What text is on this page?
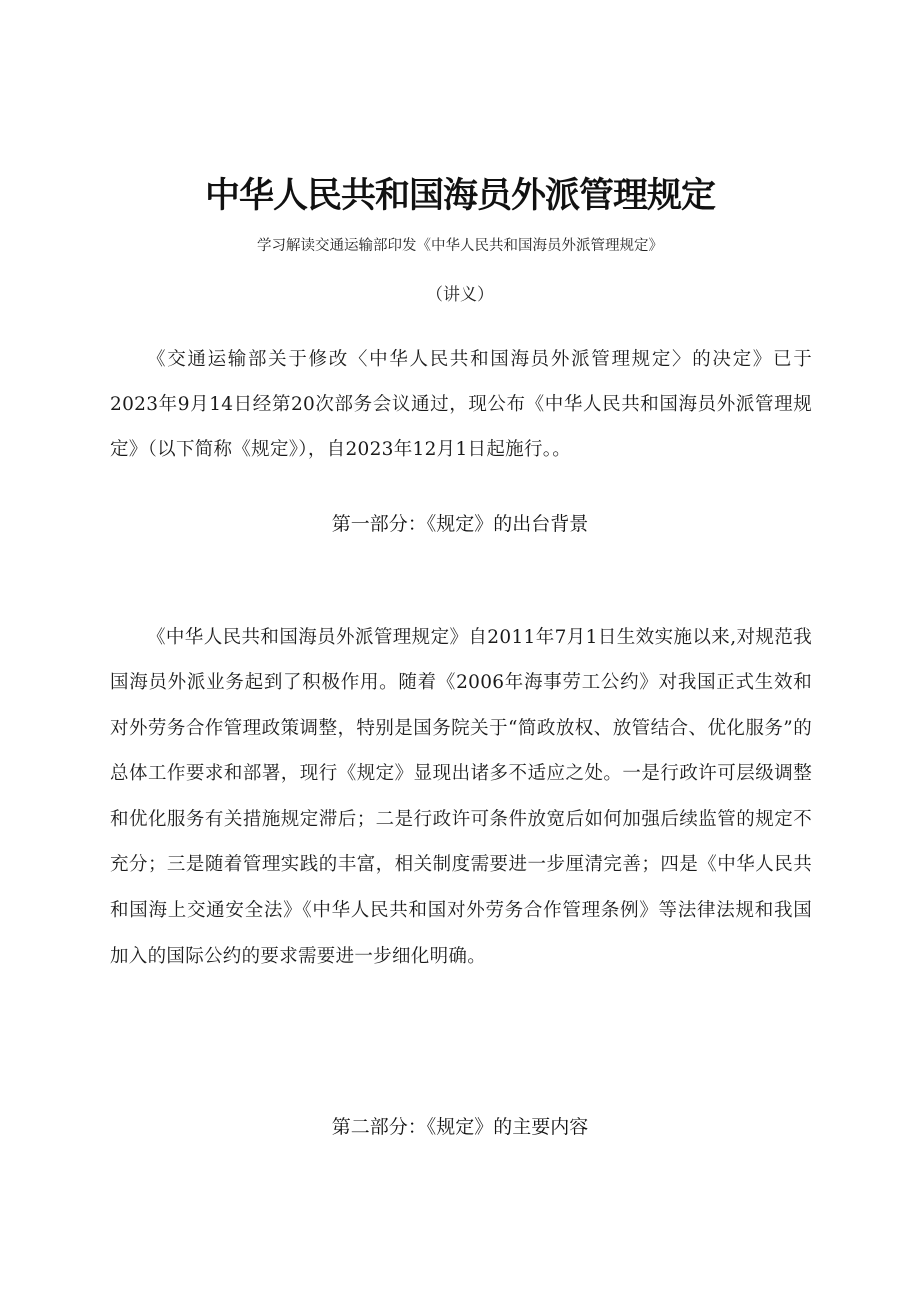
中华人民共和国海员外派管理规定
学习解读交通运输部印发《中华人民共和国海员外派管理规定》
（讲义）

《交通运输部关于修改〈中华人民共和国海员外派管理规定〉的决定》已于2023年9月14日经第20次部务会议通过，现公布《中华人民共和国海员外派管理规定》（以下简称《规定》），自2023年12月1日起施行。。

第一部分：《规定》的出台背景

《中华人民共和国海员外派管理规定》自2011年7月1日生效实施以来,对规范我国海员外派业务起到了积极作用。随着《2006年海事劳工公约》对我国正式生效和对外劳务合作管理政策调整，特别是国务院关于“简政放权、放管结合、优化服务”的总体工作要求和部署，现行《规定》显现出诸多不适应之处。一是行政许可层级调整和优化服务有关措施规定滞后；二是行政许可条件放宽后如何加强后续监管的规定不充分；三是随着管理实践的丰富，相关制度需要进一步厘清完善；四是《中华人民共和国海上交通安全法》《中华人民共和国对外劳务合作管理条例》等法律法规和我国加入的国际公约的要求需要进一步细化明确。

第二部分：《规定》的主要内容
